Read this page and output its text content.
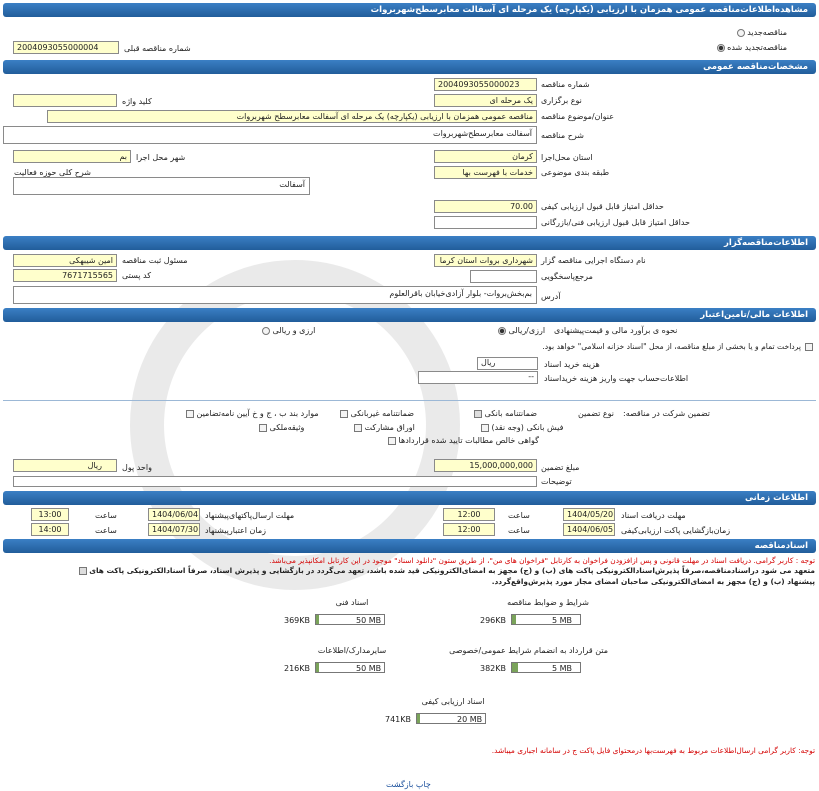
مشاهده‌اطلاعات‌مناقصه عمومی همزمان با ارزیابی (یکپارچه) یک مرحله ای آسفالت معابرسطح‌شهربروات
مناقصه‌جدید
مناقصه‌تجدید شده
2004093055000004	شماره مناقصه قبلی
مشخصات‌مناقصه عمومی
2004093055000023	شماره مناقصه
یک مرحله ای	نوع برگزاری
کلید واژه
مناقصه عمومی همزمان با ارزیابی (یکپارچه) یک مرحله ای آسفالت معابرسطح شهربروات	عنوان/موضوع مناقصه
آسفالت معابرسطح‌شهربروات	شرح مناقصه
کرمان	استان محل‌اجرا
بم	شهر محل اجرا
خدمات با فهرست بها	طبقه بندی موضوعی
شرح کلی حوزه فعالیت
آسفالت
70.00 حداقل امتیاز قابل قبول ارزیابی کیفی
حداقل امتیاز قابل قبول ارزیابی فنی/بازرگانی
اطلاعات‌مناقصه‌گزار
شهرداری بروات استان کرما	نام دستگاه اجرایی مناقصه گزار
امین شیبهکی	مسئول ثبت مناقصه
مرجع‌پاسخگویی
7671715565 کد پستی
بم‌بخش‌بروات- بلوار آزادی‌خیابان باقرالعلوم	آدرس
اطلاعات مالی/تامین‌اعتبار
نحوه ی برآورد مالی و قیمت‌پیشنهادی
ارزی/ریالی
ارزی و ریالی
پرداخت تمام و یا بخشی از مبلغ مناقصه، از محل "اسناد خزانه اسلامی" خواهد بود.
ریال	هزینه خرید اسناد
--	اطلاعات‌حساب جهت واریز هزینه خریداسناد
تضمین شرکت در مناقصه:
نوع تضمین
ضمانتنامه بانکی
ضمانتنامه غیربانکی
موارد بند ب ، ج و خ آیین نامه‌تضامین
فیش بانکی (وجه نقد)
اوراق مشارکت
وثیقه‌ملکی
گواهی خالص مطالبات تایید شده قراردادها
15,000,000,000 مبلغ تضمین
ریال	واحد پول
توضیحات
اطلاعات زمانی
1404/05/20 مهلت دریافت اسناد
12:00	ساعت
1404/06/04 مهلت ارسال‌پاکتهای‌پیشنهاد
13:00	ساعت
1404/06/05 زمان‌بازگشایی پاکت ارزیابی‌کیفی
12:00	ساعت
1404/07/30 زمان اعتبارپیشنهاد
14:00	ساعت
اسنادمناقصه
توجه : کاربر گرامی. دریافت اسناد در مهلت قانونی و پس ازافزودن فراخوان به کارتابل "فراخوان های من"، از طریق ستون "دانلود اسناد" موجود در این کارتابل امکانپذیر می‌باشد.
متعهد می شود دراسنادمناقصه،صرفاً پذیرش‌اسنادالکترونیکی پاکت های (ب) و (ج) مجهز به امضای‌الکترونیکی قید شده باشد، تعهد می‌گردد در بازگشایی و پذیرش اسناد، صرفاً اسنادالکترونیکی پاکت های
پیشنهاد (ب) و (ج) مجهز به امضای‌الکترونیکی صاحبان امضای مجاز مورد پذیرش‌واقع‌گردد.
شرایط و ضوابط مناقصه
296KB	5 MB
اسناد فنی
369KB	50 MB
متن قرارداد به انضمام شرایط عمومی/خصوصی
382KB	5 MB
سایرمدارک/اطلاعات
216KB	50 MB
اسناد ارزیابی کیفی
741KB	20 MB
توجه: کاربر گرامی ارسال‌اطلاعات مربوط به فهرست‌بها درمحتوای فایل پاکت ج در سامانه اجباری میباشد.
چاپ بازگشت
